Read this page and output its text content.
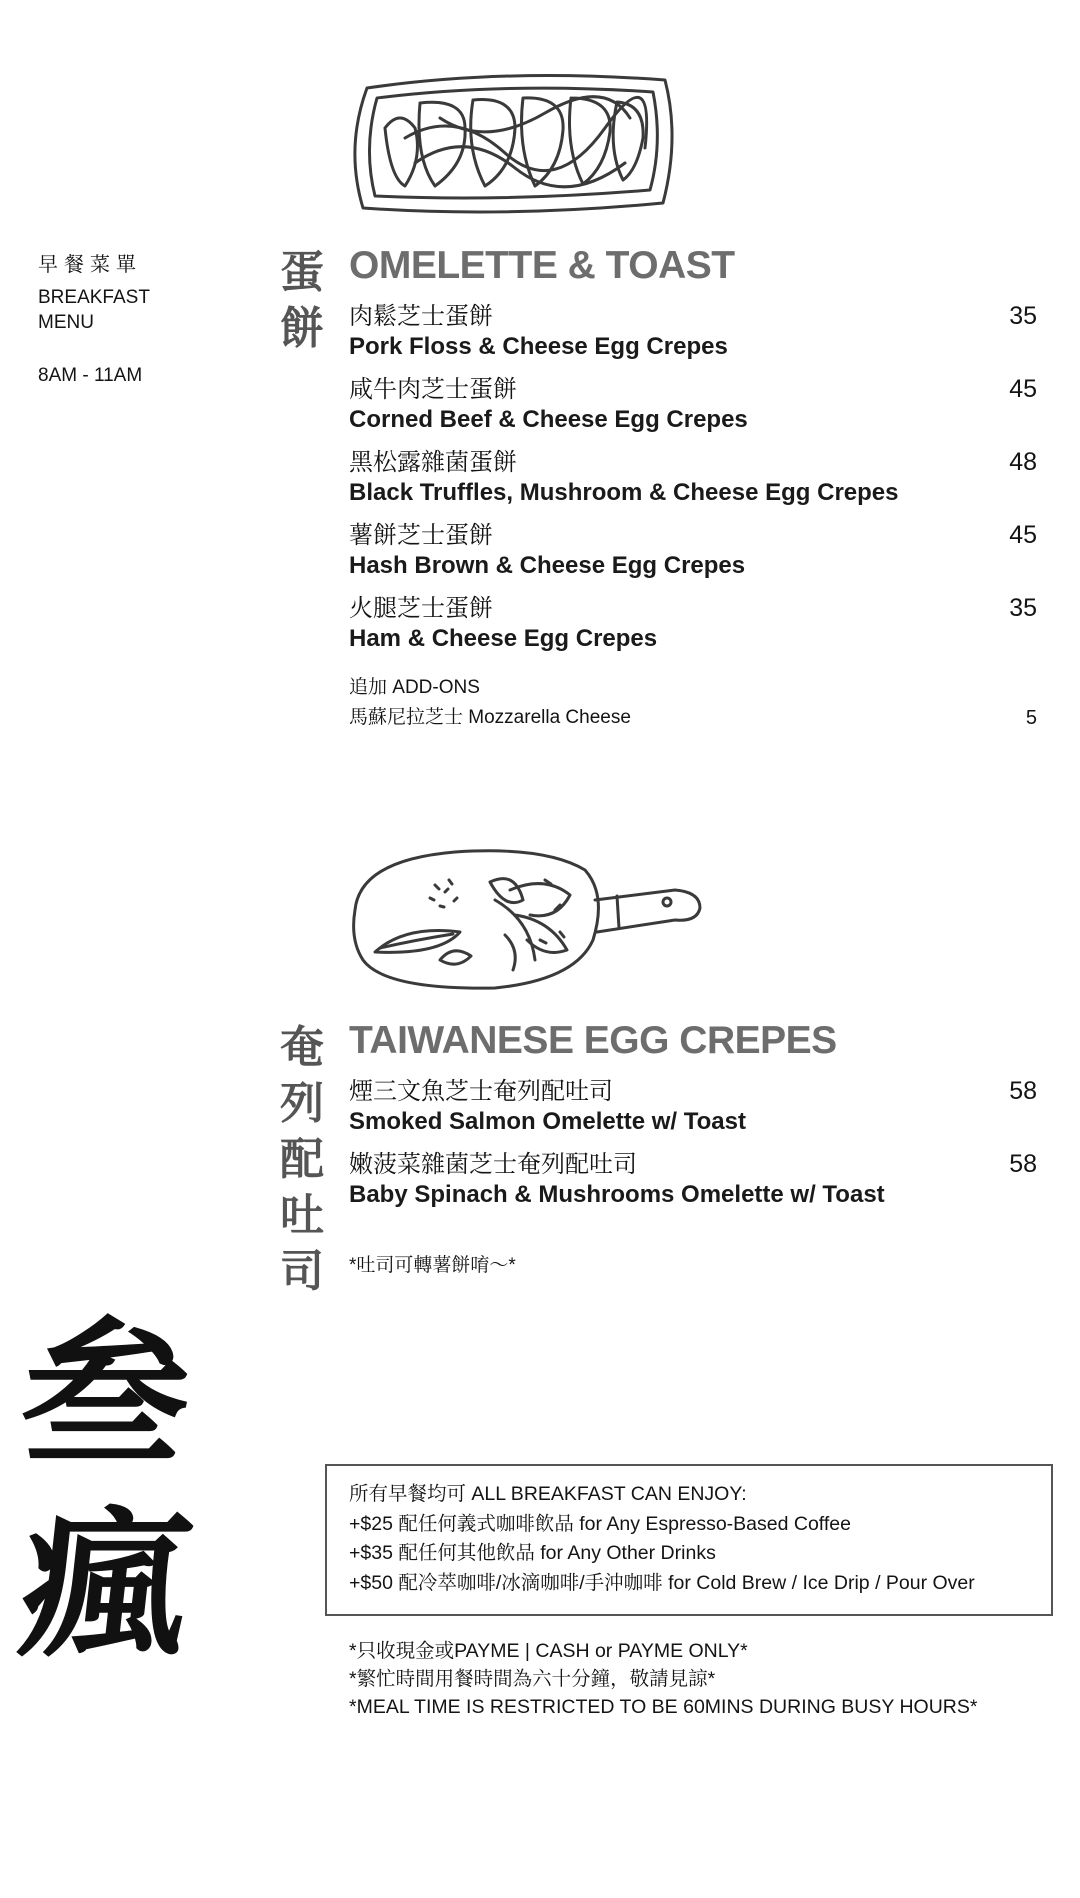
早餐菜單
BREAKFAST
MENU
8AM - 11AM
蛋
餅
OMELETTE & TOAST
肉鬆芝士蛋餅
Pork Floss & Cheese Egg Crepes
35
咸牛肉芝士蛋餅
Corned Beef & Cheese Egg Crepes
45
黑松露雜菌蛋餅
Black Truffles, Mushroom & Cheese Egg Crepes
48
薯餅芝士蛋餅
Hash Brown & Cheese Egg Crepes
45
火腿芝士蛋餅
Ham & Cheese Egg Crepes
35
追加 ADD-ONS
馬蘇尼拉芝士 Mozzarella Cheese	5
奄
列
配
吐
司
TAIWANESE EGG CREPES
煙三文魚芝士奄列配吐司
Smoked Salmon Omelette w/ Toast
58
嫩菠菜雜菌芝士奄列配吐司
Baby Spinach & Mushrooms Omelette w/ Toast
58
*吐司可轉薯餅唷～*
叁
瘋	所有早餐均可 ALL BREAKFAST CAN ENJOY:
+$25 配任何義式咖啡飲品 for Any Espresso-Based Coffee
+$35 配任何其他飲品 for Any Other Drinks
+$50 配冷萃咖啡/冰滴咖啡/手沖咖啡 for Cold Brew / Ice Drip / Pour Over
*只收現金或PAYME | CASH or PAYME ONLY*
*繁忙時間用餐時間為六十分鐘，敬請見諒*
*MEAL TIME IS RESTRICTED TO BE 60MINS DURING BUSY HOURS*
